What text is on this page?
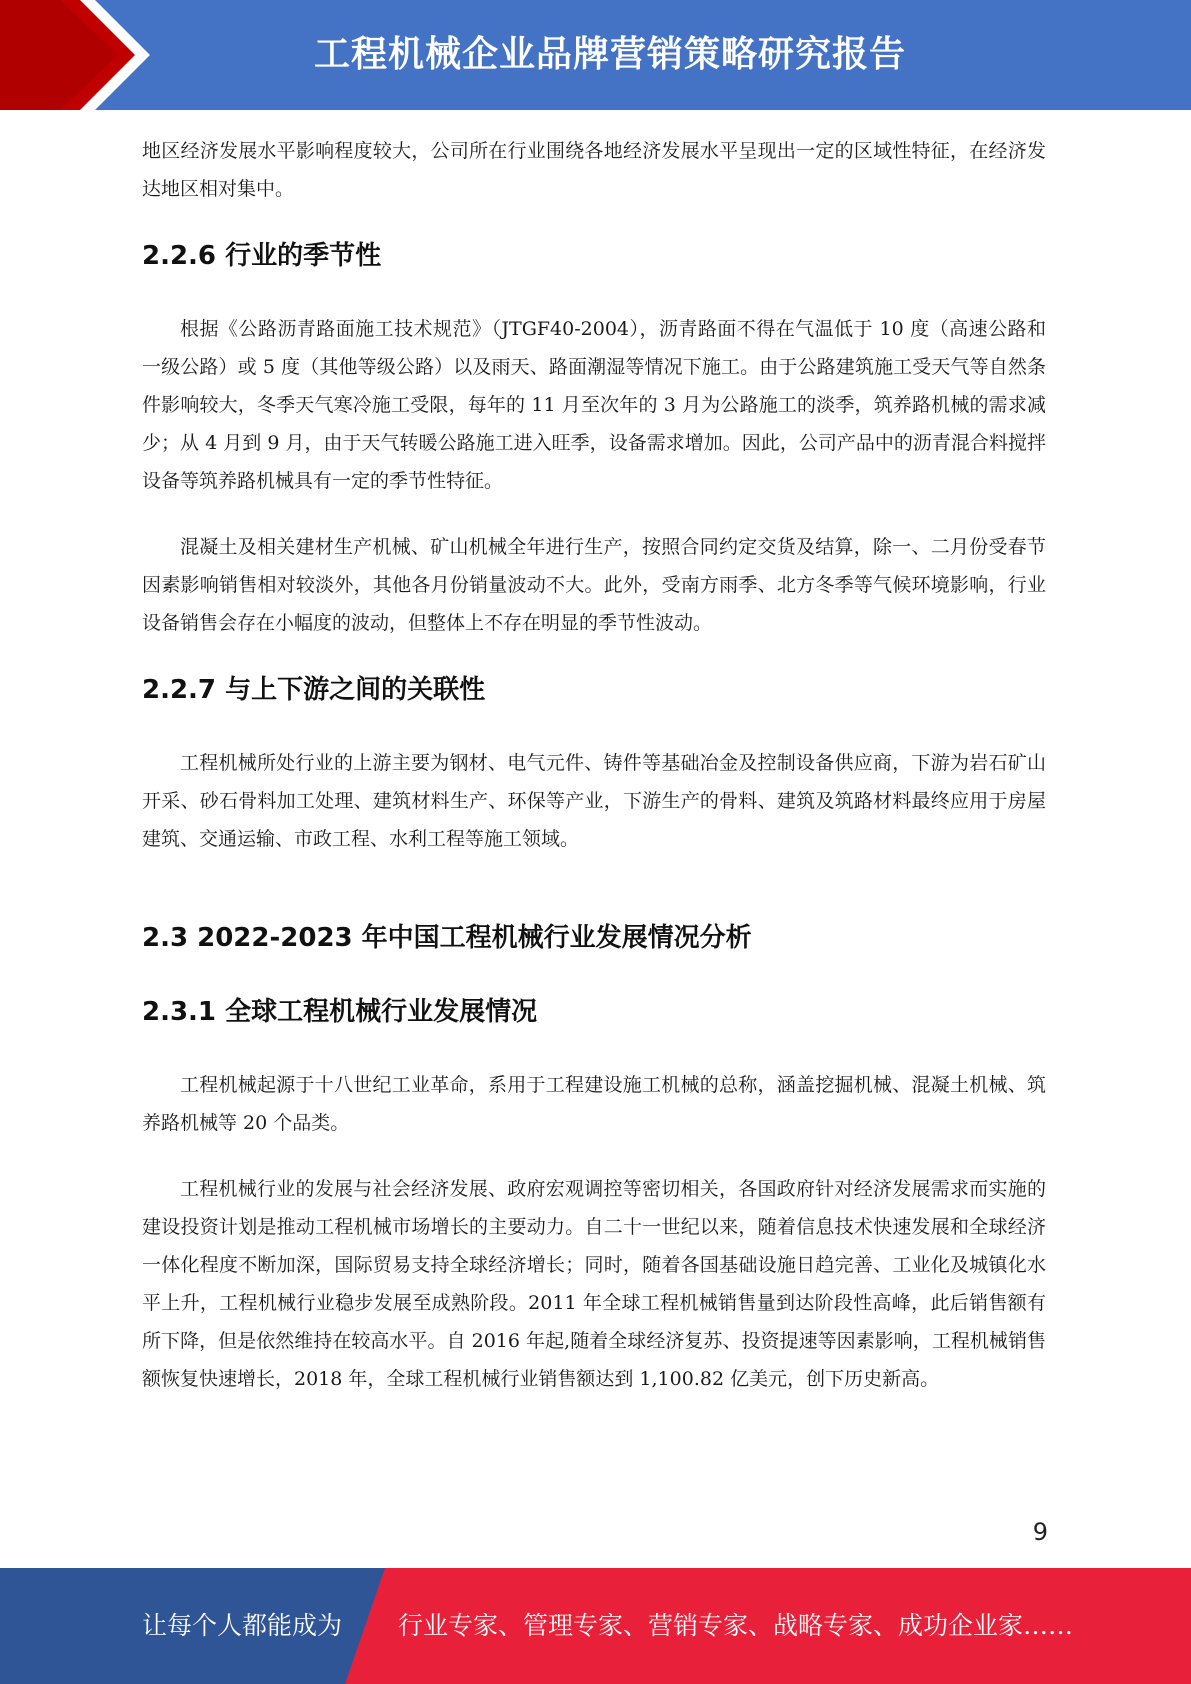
工程机械企业品牌营销策略研究报告

地区经济发展水平影响程度较大，公司所在行业围绕各地经济发展水平呈现出一定的区域性特征，在经济发达地区相对集中。

2.2.6 行业的季节性

根据《公路沥青路面施工技术规范》（JTGF40-2004），沥青路面不得在气温低于 10 度（高速公路和一级公路）或 5 度（其他等级公路）以及雨天、路面潮湿等情况下施工。由于公路建筑施工受天气等自然条件影响较大，冬季天气寒冷施工受限，每年的 11 月至次年的 3 月为公路施工的淡季，筑养路机械的需求减少；从 4 月到 9 月，由于天气转暖公路施工进入旺季，设备需求增加。因此，公司产品中的沥青混合料搅拌设备等筑养路机械具有一定的季节性特征。

混凝土及相关建材生产机械、矿山机械全年进行生产，按照合同约定交货及结算，除一、二月份受春节因素影响销售相对较淡外，其他各月份销量波动不大。此外，受南方雨季、北方冬季等气候环境影响，行业设备销售会存在小幅度的波动，但整体上不存在明显的季节性波动。

2.2.7 与上下游之间的关联性

工程机械所处行业的上游主要为钢材、电气元件、铸件等基础冶金及控制设备供应商，下游为岩石矿山开采、砂石骨料加工处理、建筑材料生产、环保等产业，下游生产的骨料、建筑及筑路材料最终应用于房屋建筑、交通运输、市政工程、水利工程等施工领域。

2.3 2022-2023 年中国工程机械行业发展情况分析
2.3.1 全球工程机械行业发展情况

工程机械起源于十八世纪工业革命，系用于工程建设施工机械的总称，涵盖挖掘机械、混凝土机械、筑养路机械等 20 个品类。

工程机械行业的发展与社会经济发展、政府宏观调控等密切相关，各国政府针对经济发展需求而实施的建设投资计划是推动工程机械市场增长的主要动力。自二十一世纪以来，随着信息技术快速发展和全球经济一体化程度不断加深，国际贸易支持全球经济增长；同时，随着各国基础设施日趋完善、工业化及城镇化水平上升，工程机械行业稳步发展至成熟阶段。2011 年全球工程机械销售量到达阶段性高峰，此后销售额有所下降，但是依然维持在较高水平。自 2016 年起,随着全球经济复苏、投资提速等因素影响，工程机械销售额恢复快速增长，2018 年，全球工程机械行业销售额达到 1,100.82 亿美元，创下历史新高。

9
让每个人都能成为 行业专家、管理专家、营销专家、战略专家、成功企业家……
